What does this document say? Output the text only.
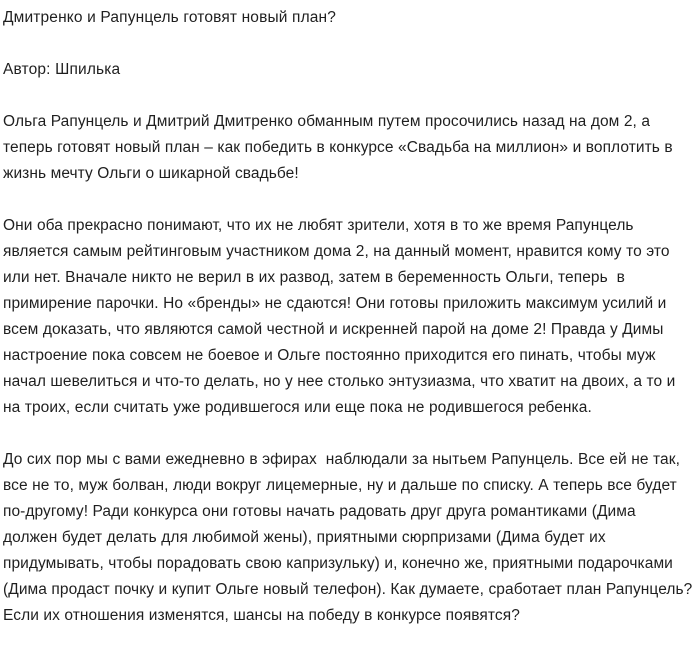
Дмитренко и Рапунцель готовят новый план?
Автор: Шпилька

Ольга Рапунцель и Дмитрий Дмитренко обманным путем просочились назад на дом 2, а теперь готовят новый план – как победить в конкурсе «Свадьба на миллион» и воплотить в жизнь мечту Ольги о шикарной свадьбе!

Они оба прекрасно понимают, что их не любят зрители, хотя в то же время Рапунцель является самым рейтинговым участником дома 2, на данный момент, нравится кому то это или нет. Вначале никто не верил в их развод, затем в беременность Ольги, теперь  в примирение парочки. Но «бренды» не сдаются! Они готовы приложить максимум усилий и всем доказать, что являются самой честной и искренней парой на доме 2! Правда у Димы настроение пока совсем не боевое и Ольге постоянно приходится его пинать, чтобы муж начал шевелиться и что-то делать, но у нее столько энтузиазма, что хватит на двоих, а то и на троих, если считать уже родившегося или еще пока не родившегося ребенка.

До сих пор мы с вами ежедневно в эфирах  наблюдали за нытьем Рапунцель. Все ей не так, все не то, муж болван, люди вокруг лицемерные, ну и дальше по списку. А теперь все будет по-другому! Ради конкурса они готовы начать радовать друг друга романтиками (Дима должен будет делать для любимой жены), приятными сюрпризами (Дима будет их придумывать, чтобы порадовать свою капризульку) и, конечно же, приятными подарочками (Дима продаст почку и купит Ольге новый телефон). Как думаете, сработает план Рапунцель? Если их отношения изменятся, шансы на победу в конкурсе появятся?
